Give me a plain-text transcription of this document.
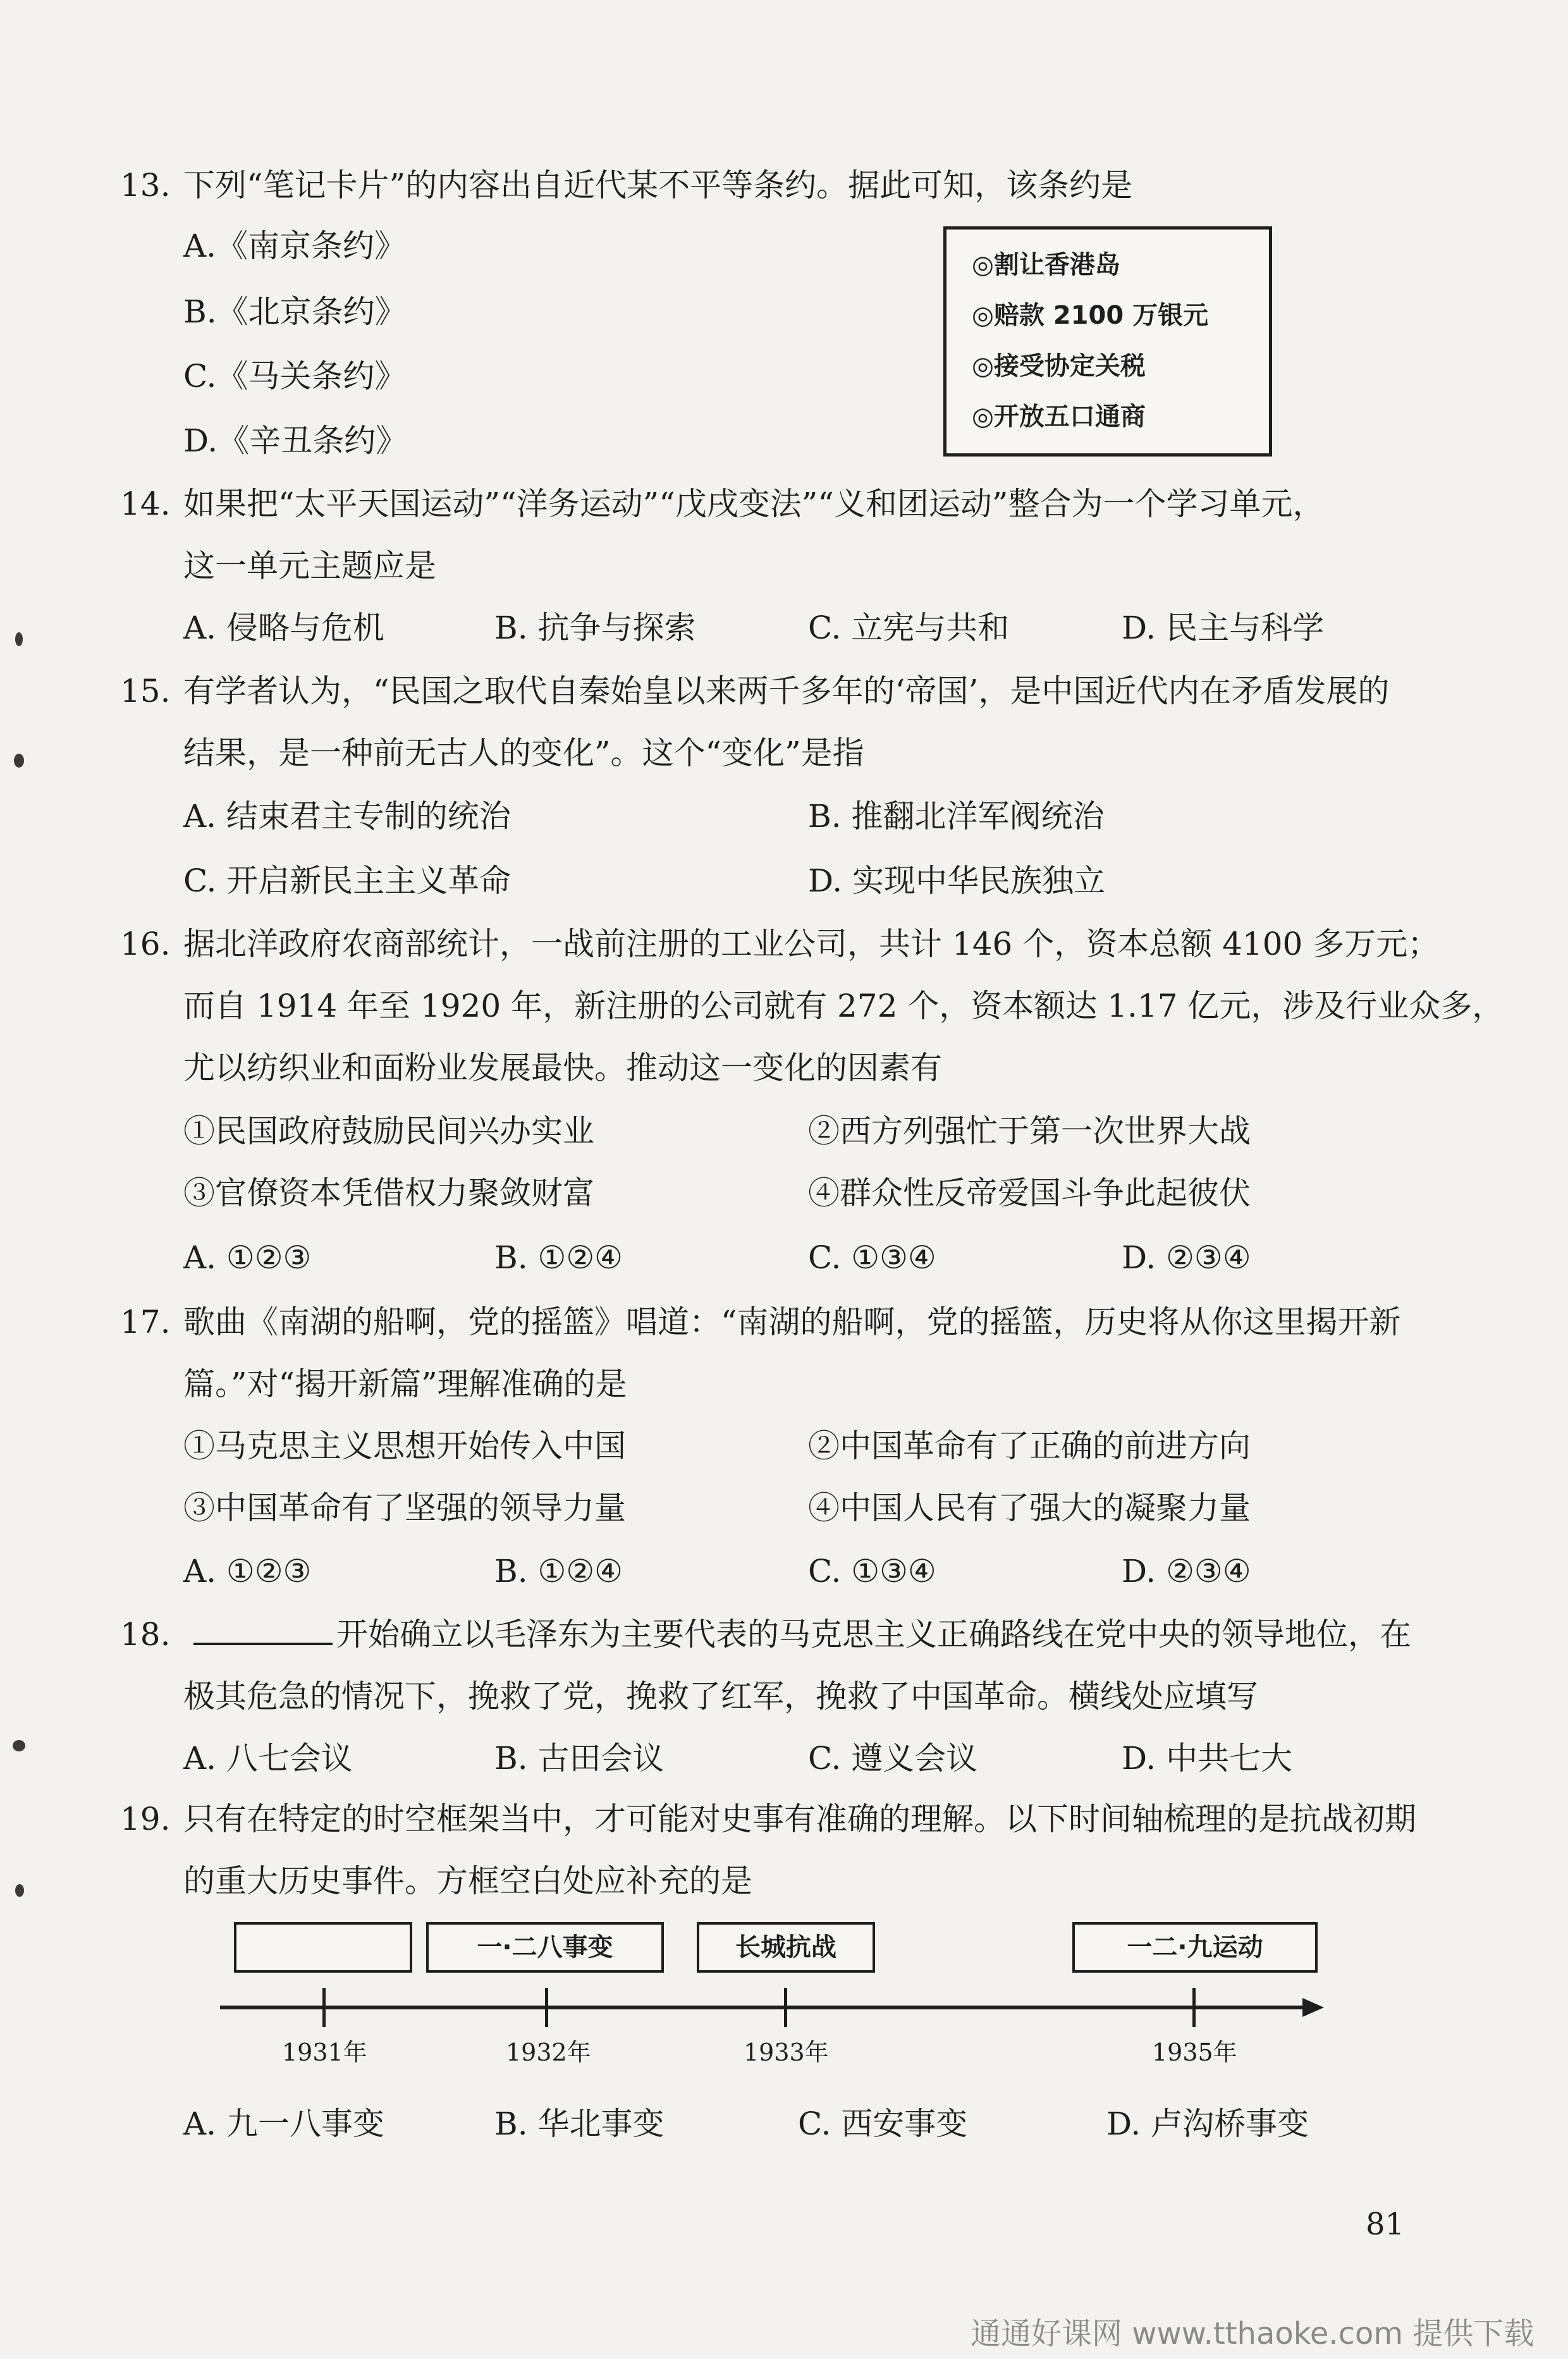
13. 下列“笔记卡片”的内容出自近代某不平等条约。据此可知，该条约是
A.《南京条约》
B.《北京条约》
C.《马关条约》
D.《辛丑条约》
◎割让香港岛
◎赔款 2100 万银元
◎接受协定关税
◎开放五口通商
14. 如果把“太平天国运动”“洋务运动”“戊戌变法”“义和团运动”整合为一个学习单元，
这一单元主题应是
A. 侵略与危机	B. 抗争与探索	C. 立宪与共和	D. 民主与科学
15. 有学者认为，“民国之取代自秦始皇以来两千多年的‘帝国’，是中国近代内在矛盾发展的
结果，是一种前无古人的变化”。这个“变化”是指
A. 结束君主专制的统治	B. 推翻北洋军阀统治
C. 开启新民主主义革命	D. 实现中华民族独立
16. 据北洋政府农商部统计，一战前注册的工业公司，共计 146 个，资本总额 4100 多万元；
而自 1914 年至 1920 年，新注册的公司就有 272 个，资本额达 1.17 亿元，涉及行业众多，
尤以纺织业和面粉业发展最快。推动这一变化的因素有
①民国政府鼓励民间兴办实业	②西方列强忙于第一次世界大战
③官僚资本凭借权力聚敛财富	④群众性反帝爱国斗争此起彼伏
A. ①②③	B. ①②④	C. ①③④	D. ②③④
17. 歌曲《南湖的船啊，党的摇篮》唱道：“南湖的船啊，党的摇篮，历史将从你这里揭开新
篇。”对“揭开新篇”理解准确的是
①马克思主义思想开始传入中国	②中国革命有了正确的前进方向
③中国革命有了坚强的领导力量	④中国人民有了强大的凝聚力量
A. ①②③	B. ①②④	C. ①③④	D. ②③④
18.	开始确立以毛泽东为主要代表的马克思主义正确路线在党中央的领导地位，在
极其危急的情况下，挽救了党，挽救了红军，挽救了中国革命。横线处应填写
A. 八七会议	B. 古田会议	C. 遵义会议	D. 中共七大
19. 只有在特定的时空框架当中，才可能对史事有准确的理解。以下时间轴梳理的是抗战初期
的重大历史事件。方框空白处应补充的是
一·二八事变	长城抗战	一二·九运动
1931年	1932年	1933年	1935年
A. 九一八事变	B. 华北事变	C. 西安事变	D. 卢沟桥事变
81
通通好课网 www.tthaoke.com 提供下载
